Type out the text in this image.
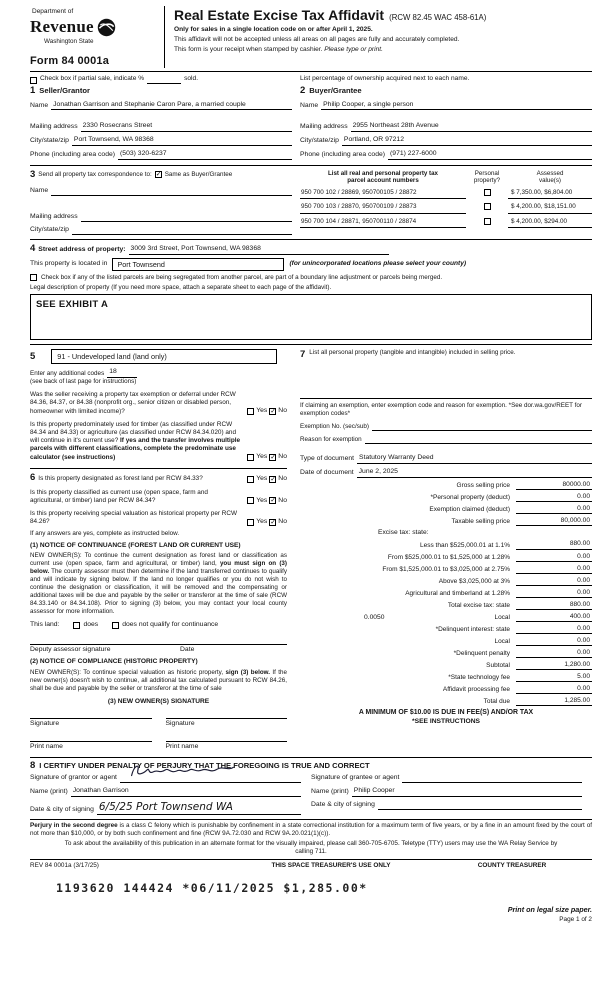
Department of
Revenue
Washington State
Form 84 0001a
Real Estate Excise Tax Affidavit (RCW 82.45 WAC 458-61A)
Only for sales in a single location code on or after April 1, 2025.
This affidavit will not be accepted unless all areas on all pages are fully and accurately completed.
This form is your receipt when stamped by cashier. Please type or print.
Check box if partial sale, indicate %	sold.	List percentage of ownership acquired next to each name.
1 Seller/Grantor
Name Jonathan Garrison and Stephanie Caron Pare, a married couple
Mailing address 2330 Rosecrans Street
City/state/zip Port Townsend, WA 98368
Phone (including area code) (503) 320-6237
2 Buyer/Grantee
Name Philip Cooper, a single person
Mailing address 2955 Northeast 28th Avenue
City/state/zip Portland, OR 97212
Phone (including area code) (971) 227-6000
3 Send all property tax correspondence to: ✓ Same as Buyer/Grantee
Name
Mailing address
City/state/zip
List all real and personal property tax
parcel account numbers
Personal
property?
Assessed
value(s)
950 700 102 / 28869, 950700105 / 28872	$ 7,350.00, $6,804.00
950 700 103 / 28870, 950700109 / 28873	$ 4,200.00, $18,151.00
950 700 104 / 28871, 950700110 / 28874	$ 4,200.00, $294.00
4 Street address of property: 3009 3rd Street, Port Townsend, WA 98368
This property is located in	Port Townsend	(for unincorporated locations please select your county)
Check box if any of the listed parcels are being segregated from another parcel, are part of a boundary line adjustment or parcels being merged.
Legal description of property (If you need more space, attach a separate sheet to each page of the affidavit).
SEE EXHIBIT A
5	91 - Undeveloped land (land only)
Enter any additional codes 18
(see back of last page for instructions)
Was the seller receiving a property tax exemption or deferral under RCW 84.36, 84.37, or 84.38 (nonprofit org., senior citizen or disabled person, homeowner with limited income)?	Yes ✓ No
Is this property predominately used for timber (as classified under RCW 84.34 and 84.33) or agriculture (as classified under RCW 84.34.020) and will continue in it's current use? If yes and the transfer involves multiple parcels with different classifications, complete the predominate use calculator (see instructions)	Yes ✓ No
6 Is this property designated as forest land per RCW 84.33?	Yes ✓ No
Is this property classified as current use (open space, farm and agricultural, or timber) land per RCW 84.34?	Yes ✓ No
Is this property receiving special valuation as historical property per RCW 84.26?	Yes ✓ No
If any answers are yes, complete as instructed below.
(1) NOTICE OF CONTINUANCE (FOREST LAND OR CURRENT USE)
NEW OWNER(S): To continue the current designation as forest land or classification as current use (open space, farm and agricultural, or timber) land, you must sign on (3) below. The county assessor must then determine if the land transferred continues to qualify and will indicate by signing below. If the land no longer qualifies or you do not wish to continue the designation or classification, it will be removed and the compensating or additional taxes will be due and payable by the seller or transferor at the time of sale (RCW 84.33.140 or 84.34.108). Prior to signing (3) below, you may contact your local county assessor for more information.
This land:	does	does not qualify for continuance
Deputy assessor signature	Date
(2) NOTICE OF COMPLIANCE (HISTORIC PROPERTY)
NEW OWNER(S): To continue special valuation as historic property, sign (3) below. If the new owner(s) doesn't wish to continue, all additional tax calculated pursuant to RCW 84.26, shall be due and payable by the seller or transferor at the time of sale
(3) NEW OWNER(S) SIGNATURE
Signature	Signature
Print name	Print name
7 List all personal property (tangible and intangible) included in selling price.
If claiming an exemption, enter exemption code and reason for exemption. *See dor.wa.gov/REET for exemption codes*
Exemption No. (sec/sub)
Reason for exemption
Type of document Statutory Warranty Deed
Date of document June 2, 2025
Gross selling price	80000.00
*Personal property (deduct)	0.00
Exemption claimed (deduct)	0.00
Taxable selling price	80,000.00
Excise tax: state:
Less than $525,000.01 at 1.1%	880.00
From $525,000.01 to $1,525,000 at 1.28%	0.00
From $1,525,000.01 to $3,025,000 at 2.75%	0.00
Above $3,025,000 at 3%	0.00
Agricultural and timberland at 1.28%	0.00
Total excise tax: state	880.00
0.0050	Local	400.00
*Delinquent interest: state	0.00
Local	0.00
*Delinquent penalty	0.00
Subtotal	1,280.00
*State technology fee	5.00
Affidavit processing fee	0.00
Total due	1,285.00
A MINIMUM OF $10.00 IS DUE IN FEE(S) AND/OR TAX
*SEE INSTRUCTIONS
8 I CERTIFY UNDER PENALTY OF PERJURY THAT THE FOREGOING IS TRUE AND CORRECT
Signature of grantor or agent
Name (print) Jonathan Garrison
Date & city of signing 6/5/25 Port Townsend WA
Signature of grantee or agent
Name (print) Philip Cooper
Date & city of signing
Perjury in the second degree is a class C felony which is punishable by confinement in a state correctional institution for a maximum term of five years, or by a fine in an amount fixed by the court of not more than $10,000, or by both such confinement and fine (RCW 9A.72.030 and RCW 9A.20.021(1)(c)).
To ask about the availability of this publication in an alternate format for the visually impaired, please call 360-705-6705. Teletype (TTY) users may use the WA Relay Service by calling 711.
REV 84 0001a (3/17/25)	THIS SPACE TREASURER'S USE ONLY	COUNTY TREASURER
1193620 144424 *06/11/2025 $1,285.00*
Print on legal size paper.
Page 1 of 2
